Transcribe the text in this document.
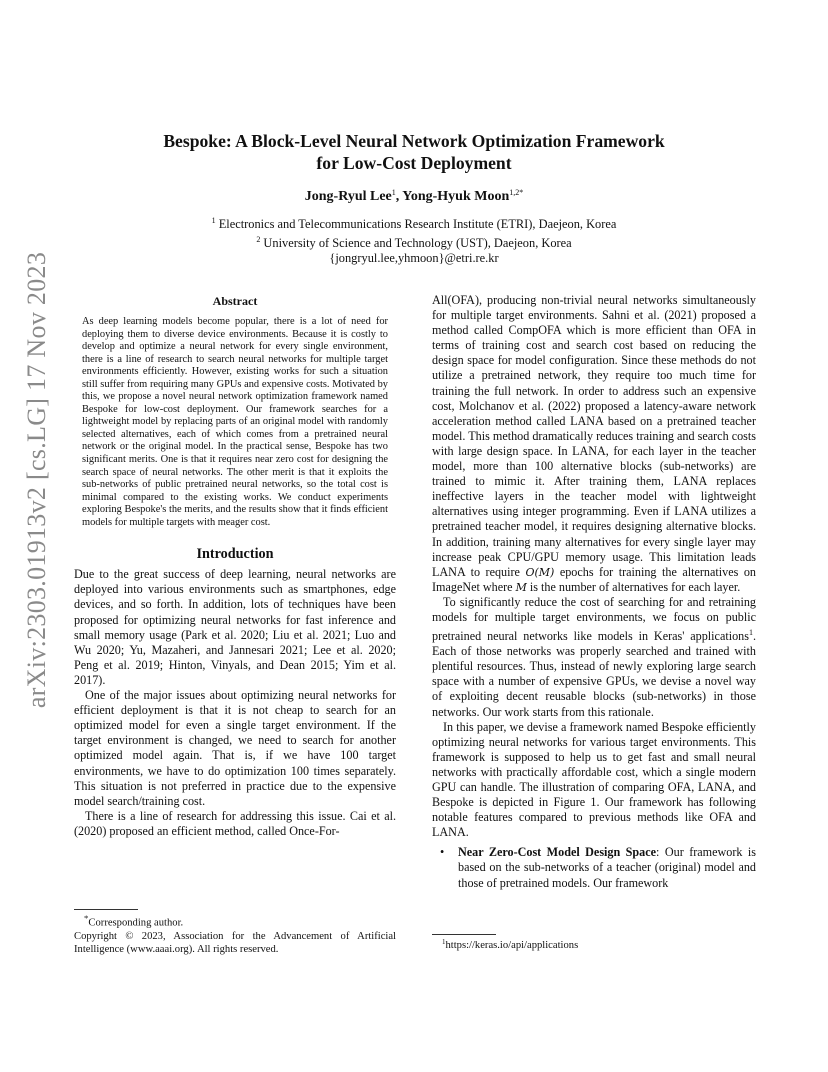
arXiv:2303.01913v2 [cs.LG] 17 Nov 2023
Bespoke: A Block-Level Neural Network Optimization Framework
for Low-Cost Deployment
Jong-Ryul Lee$^1$, Yong-Hyuk Moon$^{1,2*}$
$^1$ Electronics and Telecommunications Research Institute (ETRI), Daejeon, Korea
$^2$ University of Science and Technology (UST), Daejeon, Korea
{jongryul.lee,yhmoon}@etri.re.kr
Abstract
As deep learning models become popular, there is a lot of need for deploying them to diverse device environments. Because it is costly to develop and optimize a neural network for every single environment, there is a line of research to search neural networks for multiple target environments efficiently. However, existing works for such a situation still suffer from requiring many GPUs and expensive costs. Motivated by this, we propose a novel neural network optimization framework named Bespoke for low-cost deployment. Our framework searches for a lightweight model by replacing parts of an original model with randomly selected alternatives, each of which comes from a pretrained neural network or the original model. In the practical sense, Bespoke has two significant merits. One is that it requires near zero cost for designing the search space of neural networks. The other merit is that it exploits the sub-networks of public pretrained neural networks, so the total cost is minimal compared to the existing works. We conduct experiments exploring Bespoke's the merits, and the results show that it finds efficient models for multiple targets with meager cost.
Introduction

Due to the great success of deep learning, neural networks are deployed into various environments such as smartphones, edge devices, and so forth. In addition, lots of techniques have been proposed for optimizing neural networks for fast inference and small memory usage (Park et al. 2020; Liu et al. 2021; Luo and Wu 2020; Yu, Mazaheri, and Jannesari 2021; Lee et al. 2020; Peng et al. 2019; Hinton, Vinyals, and Dean 2015; Yim et al. 2017).

One of the major issues about optimizing neural networks for efficient deployment is that it is not cheap to search for an optimized model for even a single target environment. If the target environment is changed, we need to search for another optimized model again. That is, if we have 100 target environments, we have to do optimization 100 times separately. This situation is not preferred in practice due to the expensive model search/training cost.

There is a line of research for addressing this issue. Cai et al. (2020) proposed an efficient method, called Once-For-

*Corresponding author.
Copyright © 2023, Association for the Advancement of Artificial Intelligence (www.aaai.org). All rights reserved.

All(OFA), producing non-trivial neural networks simultaneously for multiple target environments. Sahni et al. (2021) proposed a method called CompOFA which is more efficient than OFA in terms of training cost and search cost based on reducing the design space for model configuration. Since these methods do not utilize a pretrained network, they require too much time for training the full network. In order to address such an expensive cost, Molchanov et al. (2022) proposed a latency-aware network acceleration method called LANA based on a pretrained teacher model. This method dramatically reduces training and search costs with large design space. In LANA, for each layer in the teacher model, more than 100 alternative blocks (sub-networks) are trained to mimic it. After training them, LANA replaces ineffective layers in the teacher model with lightweight alternatives using integer programming. Even if LANA utilizes a pretrained teacher model, it requires designing alternative blocks. In addition, training many alternatives for every single layer may increase peak CPU/GPU memory usage. This limitation leads LANA to require O(M) epochs for training the alternatives on ImageNet where M is the number of alternatives for each layer.

To significantly reduce the cost of searching for and retraining models for multiple target environments, we focus on public pretrained neural networks like models in Keras' applications$^1$. Each of those networks was properly searched and trained with plentiful resources. Thus, instead of newly exploring large search space with a number of expensive GPUs, we devise a novel way of exploiting decent reusable blocks (sub-networks) in those networks. Our work starts from this rationale.

In this paper, we devise a framework named Bespoke efficiently optimizing neural networks for various target environments. This framework is supposed to help us to get fast and small neural networks with practically affordable cost, which a single modern GPU can handle. The illustration of comparing OFA, LANA, and Bespoke is depicted in Figure 1. Our framework has following notable features compared to previous methods like OFA and LANA.

•	Near Zero-Cost Model Design Space: Our framework is based on the sub-networks of a teacher (original) model and those of pretrained models. Our framework
$^1$https://keras.io/api/applications
